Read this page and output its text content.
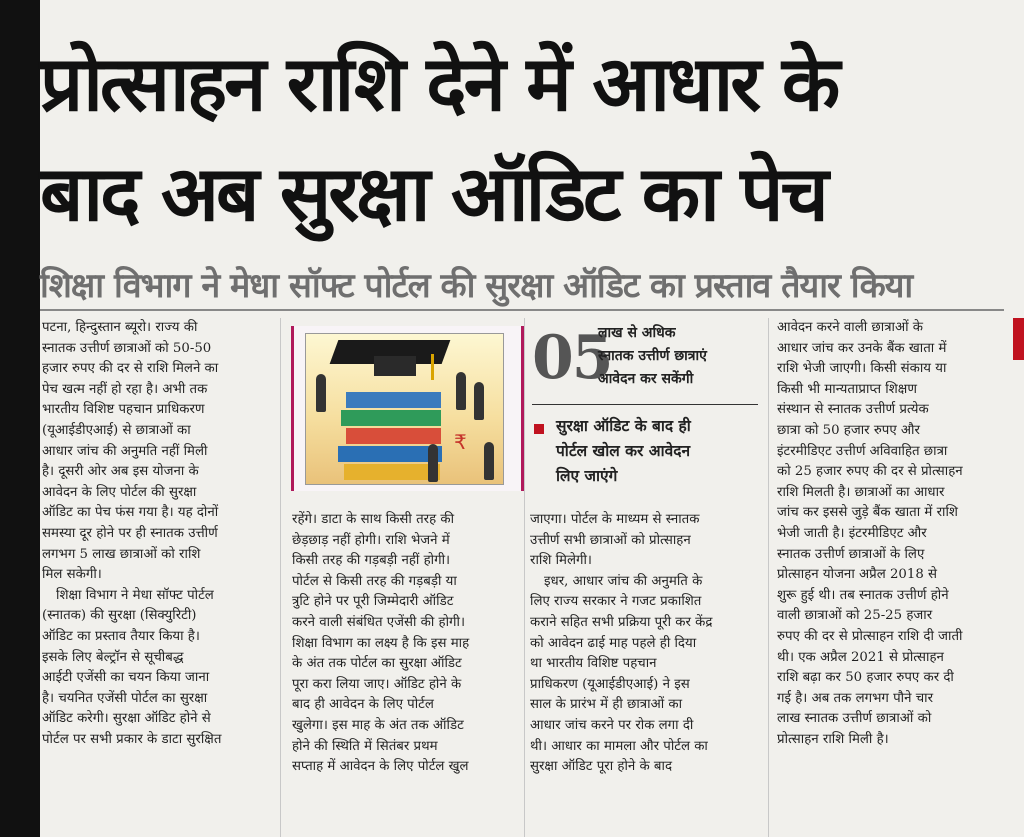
प्रोत्साहन राशि देने में आधार के
बाद अब सुरक्षा ऑडिट का पेच
शिक्षा विभाग ने मेधा सॉफ्ट पोर्टल की सुरक्षा ऑडिट का प्रस्ताव तैयार किया

पटना, हिन्दुस्तान ब्यूरो। राज्य की

स्नातक उत्तीर्ण छात्राओं को 50-50

हजार रुपए की दर से राशि मिलने का

पेच खत्म नहीं हो रहा है। अभी तक

भारतीय विशिष्ट पहचान प्राधिकरण

(यूआईडीएआई) से छात्राओं का

आधार जांच की अनुमति नहीं मिली

है। दूसरी ओर अब इस योजना के

आवेदन के लिए पोर्टल की सुरक्षा

ऑडिट का पेच फंस गया है। यह दोनों

समस्या दूर होने पर ही स्नातक उत्तीर्ण

लगभग 5 लाख छात्राओं को राशि

मिल सकेगी।

शिक्षा विभाग ने मेधा सॉफ्ट पोर्टल

(स्नातक) की सुरक्षा (सिक्युरिटी)

ऑडिट का प्रस्ताव तैयार किया है।

इसके लिए बेल्ट्रॉन से सूचीबद्ध

आईटी एजेंसी का चयन किया जाना

है। चयनित एजेंसी पोर्टल का सुरक्षा

ऑडिट करेगी। सुरक्षा ऑडिट होने से

पोर्टल पर सभी प्रकार के डाटा सुरक्षित

₹

रहेंगे। डाटा के साथ किसी तरह की

छेड़छाड़ नहीं होगी। राशि भेजने में

किसी तरह की गड़बड़ी नहीं होगी।

पोर्टल से किसी तरह की गड़बड़ी या

त्रुटि होने पर पूरी जिम्मेदारी ऑडिट

करने वाली संबंधित एजेंसी की होगी।

शिक्षा विभाग का लक्ष्य है कि इस माह

के अंत तक पोर्टल का सुरक्षा ऑडिट

पूरा करा लिया जाए। ऑडिट होने के

बाद ही आवेदन के लिए पोर्टल

खुलेगा। इस माह के अंत तक ऑडिट

होने की स्थिति में सितंबर प्रथम

सप्ताह में आवेदन के लिए पोर्टल खुल

05

लाख से अधिक

स्नातक उत्तीर्ण छात्राएं

आवेदन कर सकेंगी

सुरक्षा ऑडिट के बाद ही

पोर्टल खोल कर आवेदन

लिए जाएंगे

जाएगा। पोर्टल के माध्यम से स्नातक

उत्तीर्ण सभी छात्राओं को प्रोत्साहन

राशि मिलेगी।

इधर, आधार जांच की अनुमति के

लिए राज्य सरकार ने गजट प्रकाशित

कराने सहित सभी प्रक्रिया पूरी कर केंद्र

को आवेदन ढाई माह पहले ही दिया

था भारतीय विशिष्ट पहचान

प्राधिकरण (यूआईडीएआई) ने इस

साल के प्रारंभ में ही छात्राओं का

आधार जांच करने पर रोक लगा दी

थी। आधार का मामला और पोर्टल का

सुरक्षा ऑडिट पूरा होने के बाद

आवेदन करने वाली छात्राओं के

आधार जांच कर उनके बैंक खाता में

राशि भेजी जाएगी। किसी संकाय या

किसी भी मान्यताप्राप्त शिक्षण

संस्थान से स्नातक उत्तीर्ण प्रत्येक

छात्रा को 50 हजार रुपए और

इंटरमीडिएट उत्तीर्ण अविवाहित छात्रा

को 25 हजार रुपए की दर से प्रोत्साहन

राशि मिलती है। छात्राओं का आधार

जांच कर इससे जुड़े बैंक खाता में राशि

भेजी जाती है। इंटरमीडिएट और

स्नातक उत्तीर्ण छात्राओं के लिए

प्रोत्साहन योजना अप्रैल 2018 से

शुरू हुई थी। तब स्नातक उत्तीर्ण होने

वाली छात्राओं को 25-25 हजार

रुपए की दर से प्रोत्साहन राशि दी जाती

थी। एक अप्रैल 2021 से प्रोत्साहन

राशि बढ़ा कर 50 हजार रुपए कर दी

गई है। अब तक लगभग पौने चार

लाख स्नातक उत्तीर्ण छात्राओं को

प्रोत्साहन राशि मिली है।
